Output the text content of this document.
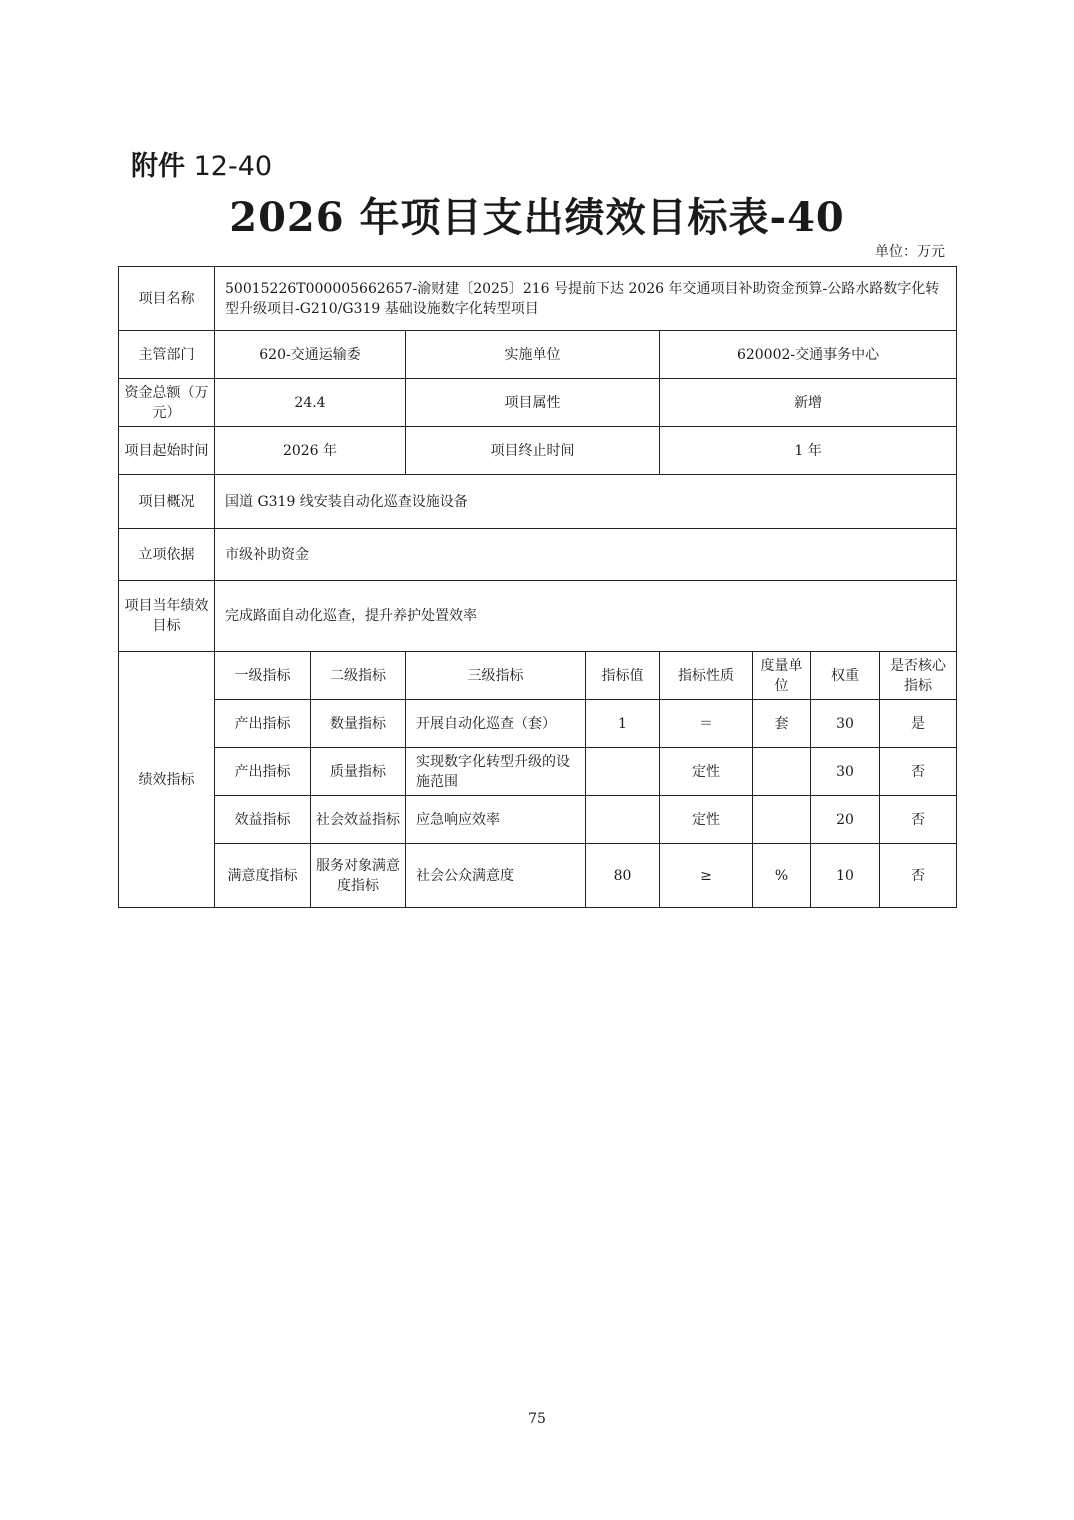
附件 12-40
2026 年项目支出绩效目标表-40
单位：万元
项目名称	50015226T000005662657-渝财建〔2025〕216 号提前下达 2026 年交通项目补助资金预算-公路水路数字化转型升级项目-G210/G319 基础设施数字化转型项目							
主管部门	620-交通运输委		实施单位		620002-交通事务中心			
资金总额（万元）	24.4		项目属性		新增			
项目起始时间	2026 年		项目终止时间		1 年			
项目概况	国道 G319 线安装自动化巡查设施设备							
立项依据	市级补助资金							
项目当年绩效目标	完成路面自动化巡查，提升养护处置效率							
绩效指标	一级指标	二级指标	三级指标	指标值	指标性质	度量单位	权重	是否核心指标
	产出指标	数量指标	开展自动化巡查（套）	1	＝	套	30	是
	产出指标	质量指标	实现数字化转型升级的设施范围		定性		30	否
	效益指标	社会效益指标	应急响应效率		定性		20	否
	满意度指标	服务对象满意度指标	社会公众满意度	80	≥	%	10	否
75
